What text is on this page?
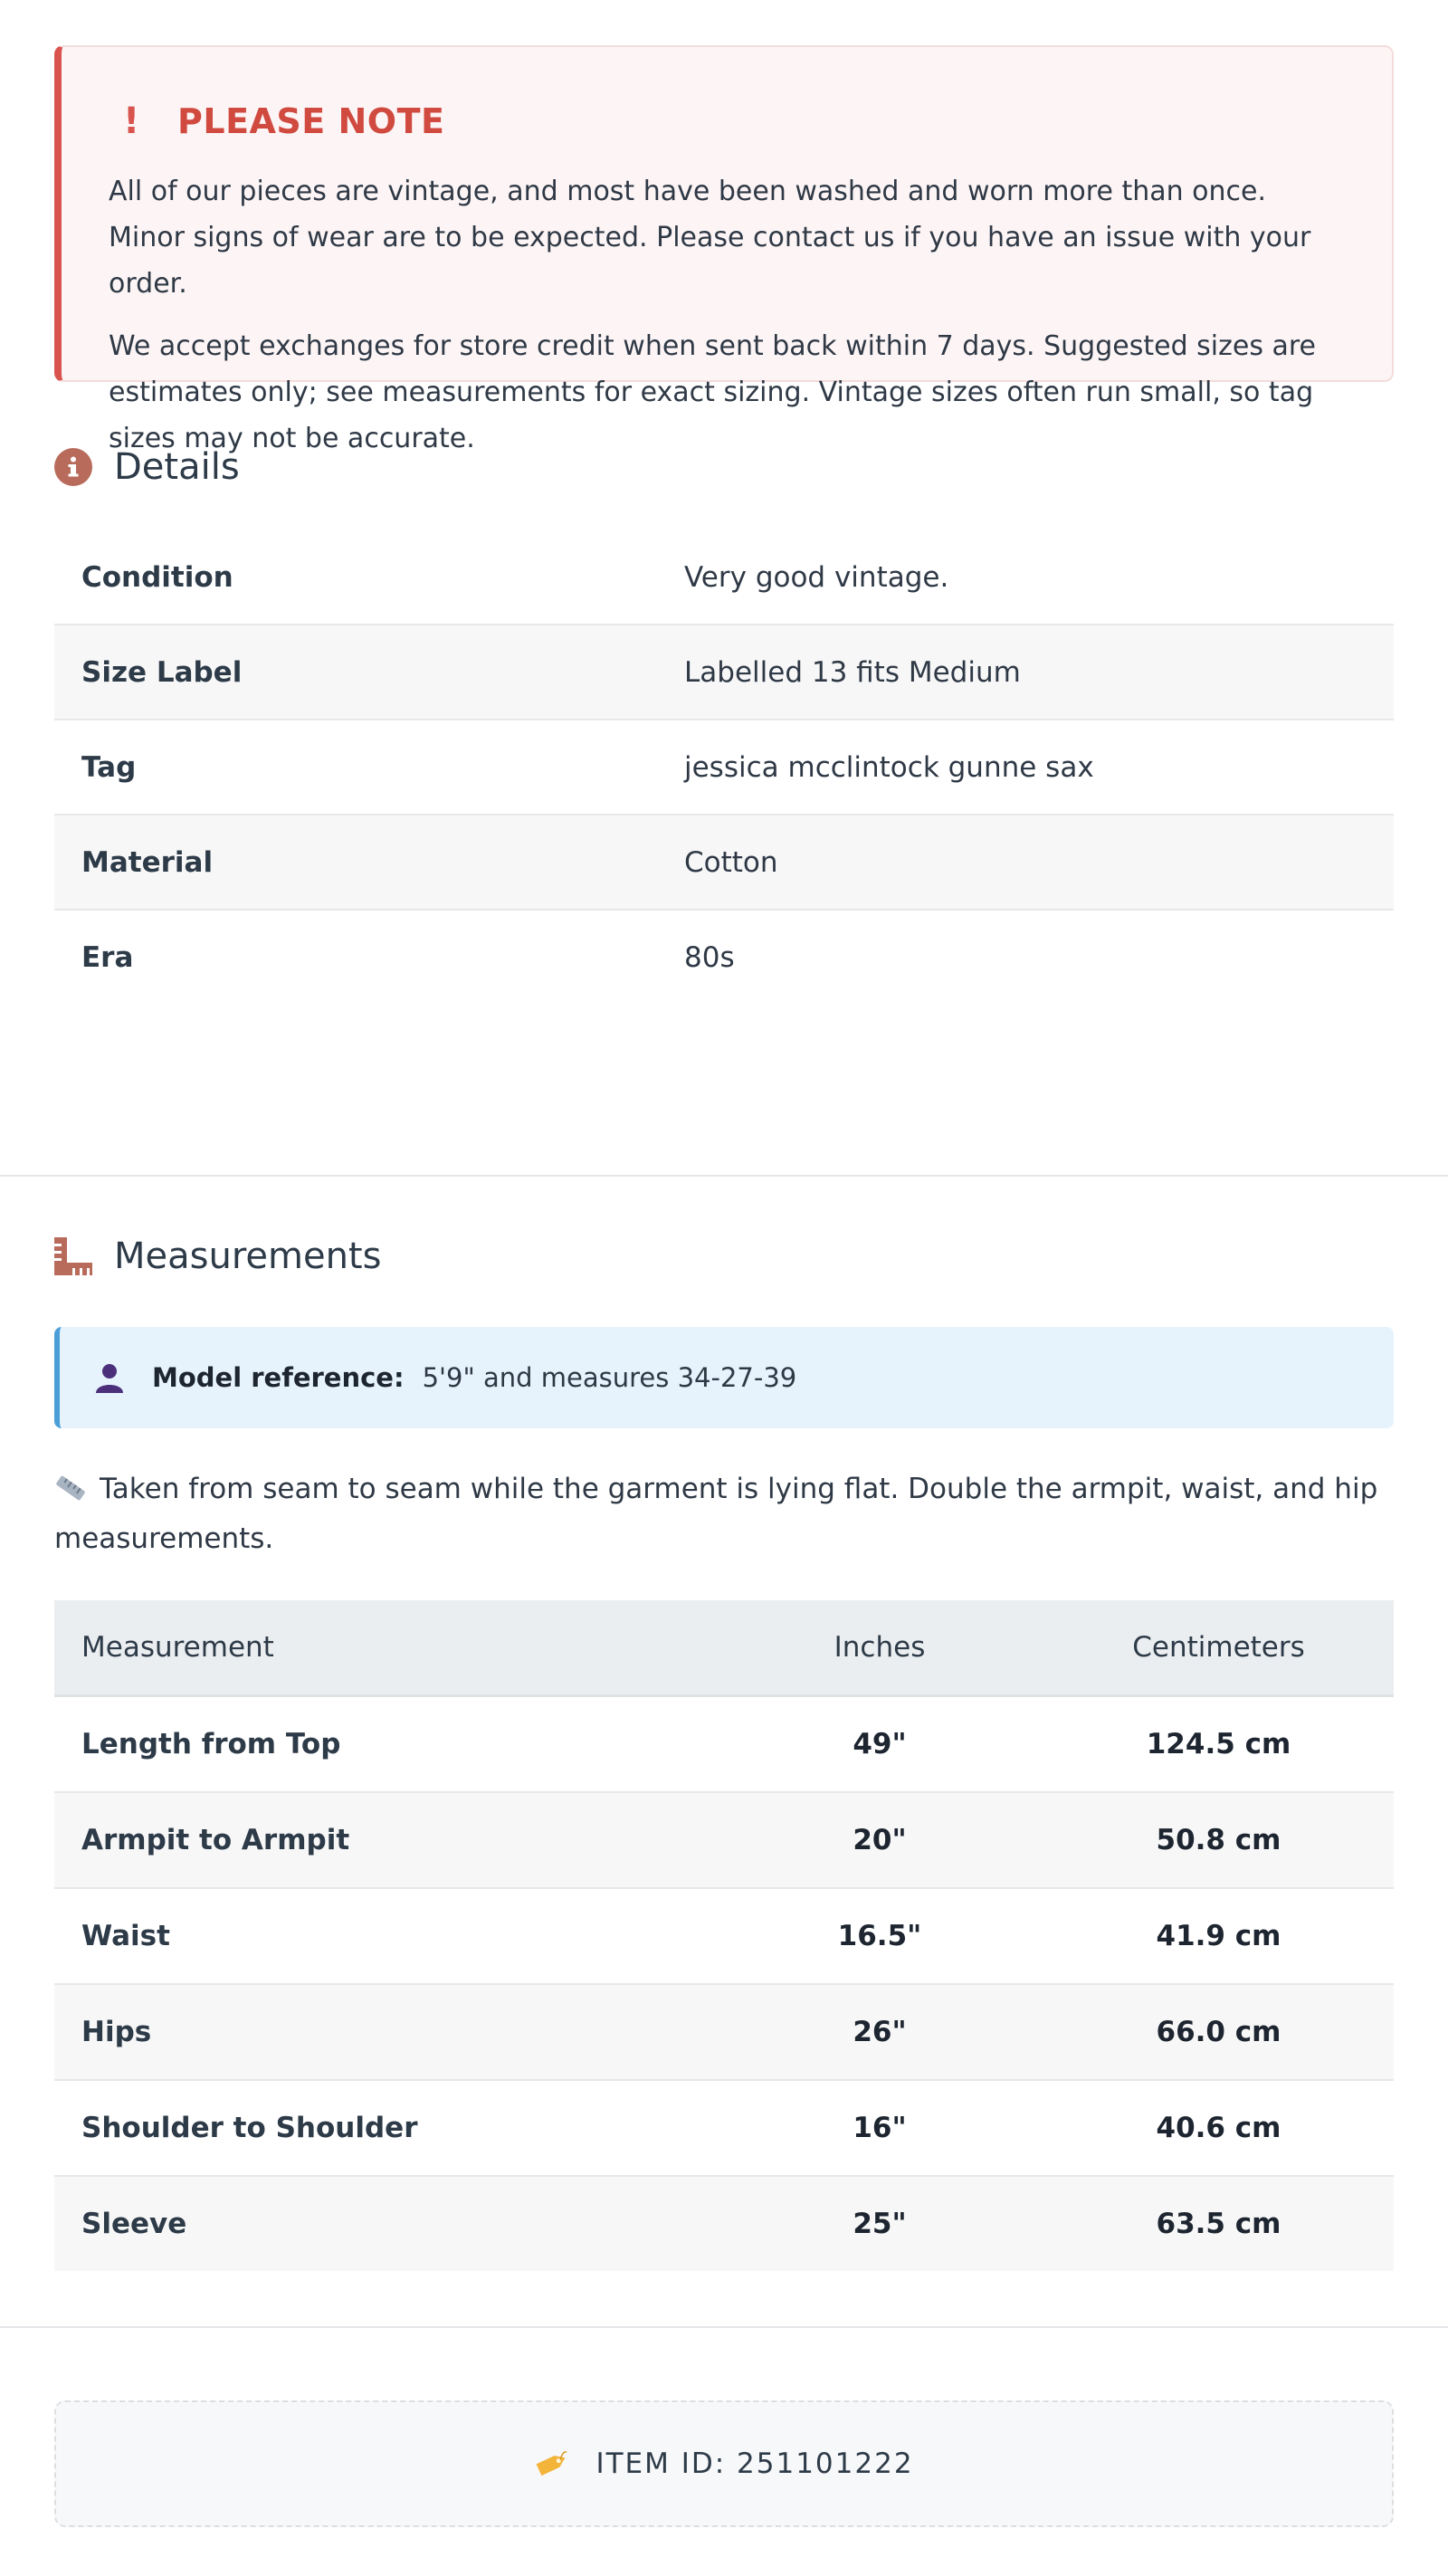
!	PLEASE NOTE

All of our pieces are vintage, and most have been washed and worn more than once. Minor signs of wear are to be expected. Please contact us if you have an issue with your order.

We accept exchanges for store credit when sent back within 7 days. Suggested sizes are estimates only; see measurements for exact sizing. Vintage sizes often run small, so tag sizes may not be accurate.

Details
Condition	Very good vintage.
Size Label	Labelled 13 fits Medium
Tag	jessica mcclintock gunne sax
Material	Cotton
Era	80s
Measurements
Model reference: 5'9" and measures 34-27-39
Taken from seam to seam while the garment is lying flat. Double the armpit, waist, and hip measurements.
Measurement	Inches	Centimeters
Length from Top	49"	124.5 cm
Armpit to Armpit	20"	50.8 cm
Waist	16.5"	41.9 cm
Hips	26"	66.0 cm
Shoulder to Shoulder	16"	40.6 cm
Sleeve	25"	63.5 cm
ITEM ID: 251101222
